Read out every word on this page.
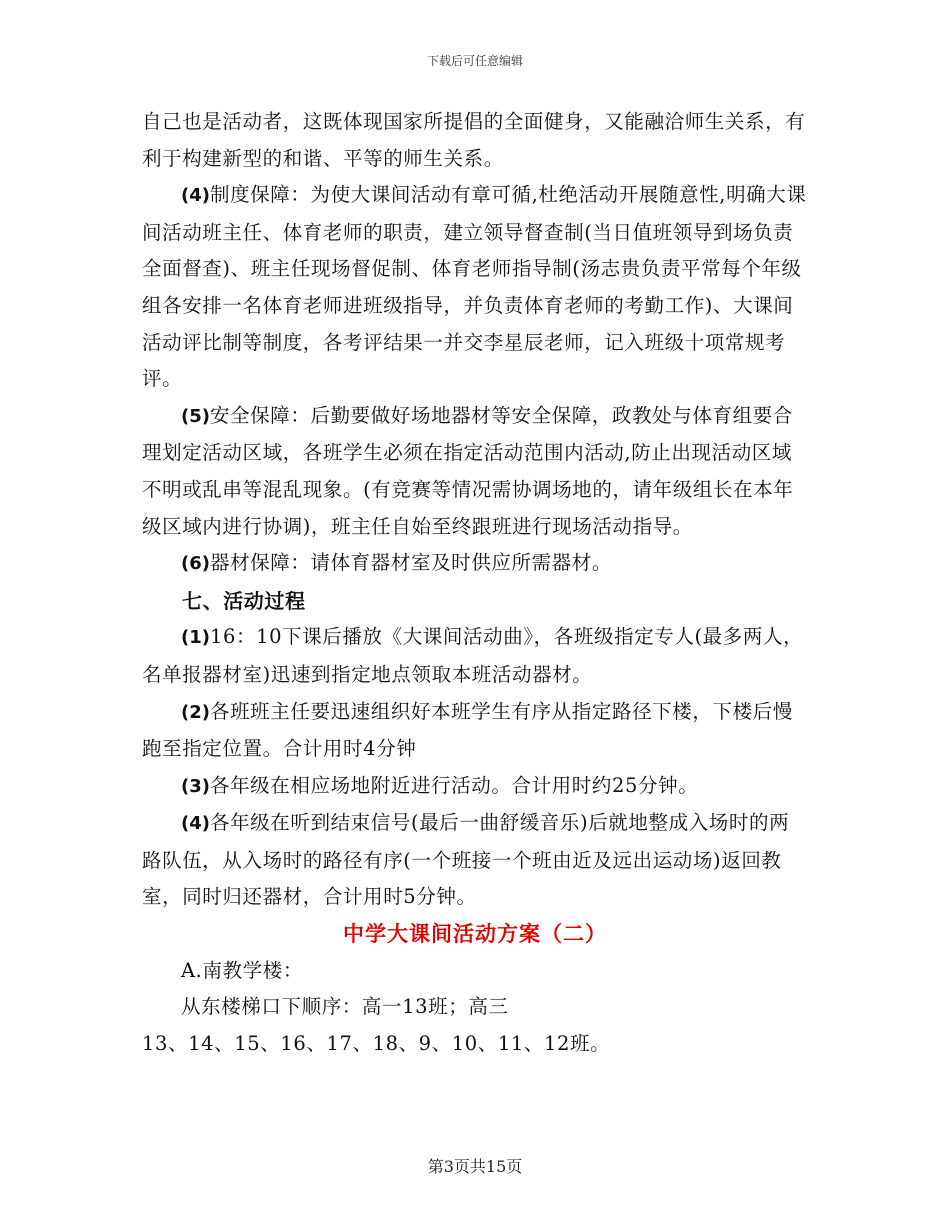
下载后可任意编辑

自己也是活动者，这既体现国家所提倡的全面健身，又能融洽师生关系，有利于构建新型的和谐、平等的师生关系。

(4)制度保障：为使大课间活动有章可循,杜绝活动开展随意性,明确大课间活动班主任、体育老师的职责，建立领导督查制(当日值班领导到场负责全面督查)、班主任现场督促制、体育老师指导制(汤志贵负责平常每个年级组各安排一名体育老师进班级指导，并负责体育老师的考勤工作)、大课间活动评比制等制度，各考评结果一并交李星辰老师，记入班级十项常规考评。

(5)安全保障：后勤要做好场地器材等安全保障，政教处与体育组要合理划定活动区域，各班学生必须在指定活动范围内活动,防止出现活动区域不明或乱串等混乱现象。(有竞赛等情况需协调场地的，请年级组长在本年级区域内进行协调)，班主任自始至终跟班进行现场活动指导。

(6)器材保障：请体育器材室及时供应所需器材。

七、活动过程

(1)16：10下课后播放《大课间活动曲》，各班级指定专人(最多两人，名单报器材室)迅速到指定地点领取本班活动器材。

(2)各班班主任要迅速组织好本班学生有序从指定路径下楼，下楼后慢跑至指定位置。合计用时4分钟

(3)各年级在相应场地附近进行活动。合计用时约25分钟。

(4)各年级在听到结束信号(最后一曲舒缓音乐)后就地整成入场时的两路队伍，从入场时的路径有序(一个班接一个班由近及远出运动场)返回教室，同时归还器材，合计用时5分钟。

中学大课间活动方案（二）

A.南教学楼：

从东楼梯口下顺序：高一13班；高三

13、14、15、16、17、18、9、10、11、12班。

第3页共15页
